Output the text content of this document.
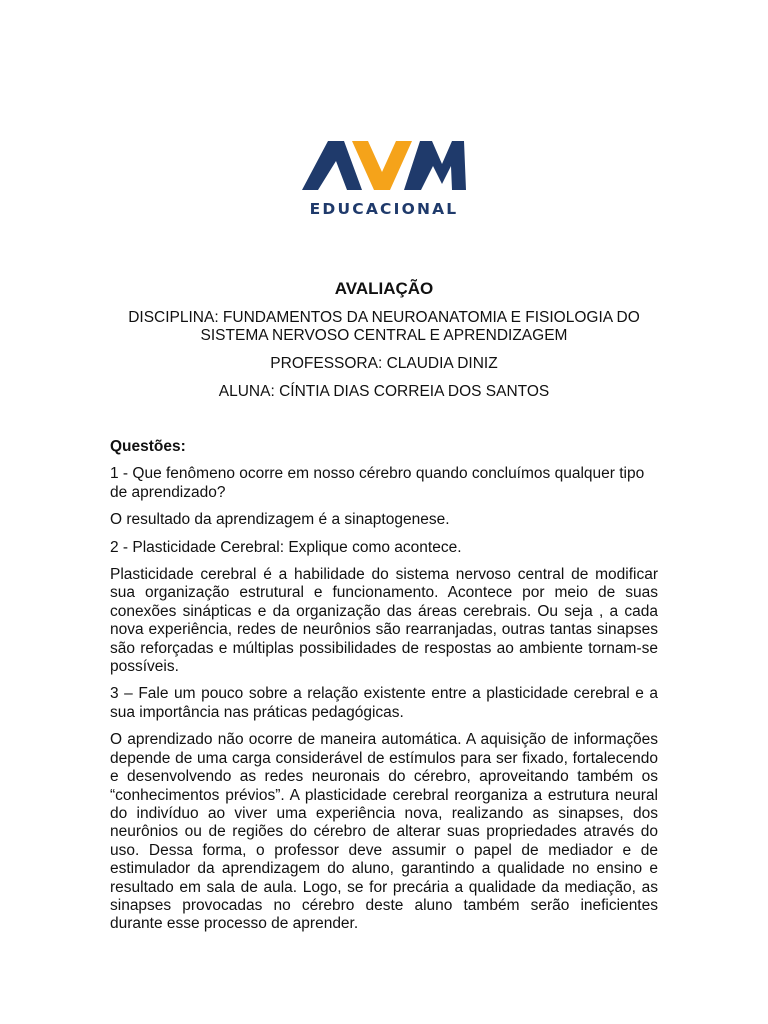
EDUCACIONAL
AVALIAÇÃO
DISCIPLINA: FUNDAMENTOS DA NEUROANATOMIA E FISIOLOGIA DO
SISTEMA NERVOSO CENTRAL E APRENDIZAGEM
PROFESSORA: CLAUDIA DINIZ
ALUNA: CÍNTIA DIAS CORREIA DOS SANTOS

Questões:

1 - Que fenômeno ocorre em nosso cérebro quando concluímos qualquer tipo de aprendizado?

O resultado da aprendizagem é a sinaptogenese.

2 - Plasticidade Cerebral: Explique como acontece.

Plasticidade cerebral é a habilidade do sistema nervoso central de modificar sua organização estrutural e funcionamento. Acontece por meio de suas conexões sinápticas e da organização das áreas cerebrais. Ou seja , a cada nova experiência, redes de neurônios são rearranjadas, outras tantas sinapses são reforçadas e múltiplas possibilidades de respostas ao ambiente tornam-se possíveis.

3 – Fale um pouco sobre a relação existente entre a plasticidade cerebral e a sua importância nas práticas pedagógicas.

O aprendizado não ocorre de maneira automática. A aquisição de informações depende de uma carga considerável de estímulos para ser fixado, fortalecendo e desenvolvendo as redes neuronais do cérebro, aproveitando também os “conhecimentos prévios”. A plasticidade cerebral reorganiza a estrutura neural do indivíduo ao viver uma experiência nova, realizando as sinapses, dos neurônios ou de regiões do cérebro de alterar suas propriedades através do uso. Dessa forma, o professor deve assumir o papel de mediador e de estimulador da aprendizagem do aluno, garantindo a qualidade no ensino e resultado em sala de aula. Logo, se for precária a qualidade da mediação, as sinapses provocadas no cérebro deste aluno também serão ineficientes durante esse processo de aprender.
